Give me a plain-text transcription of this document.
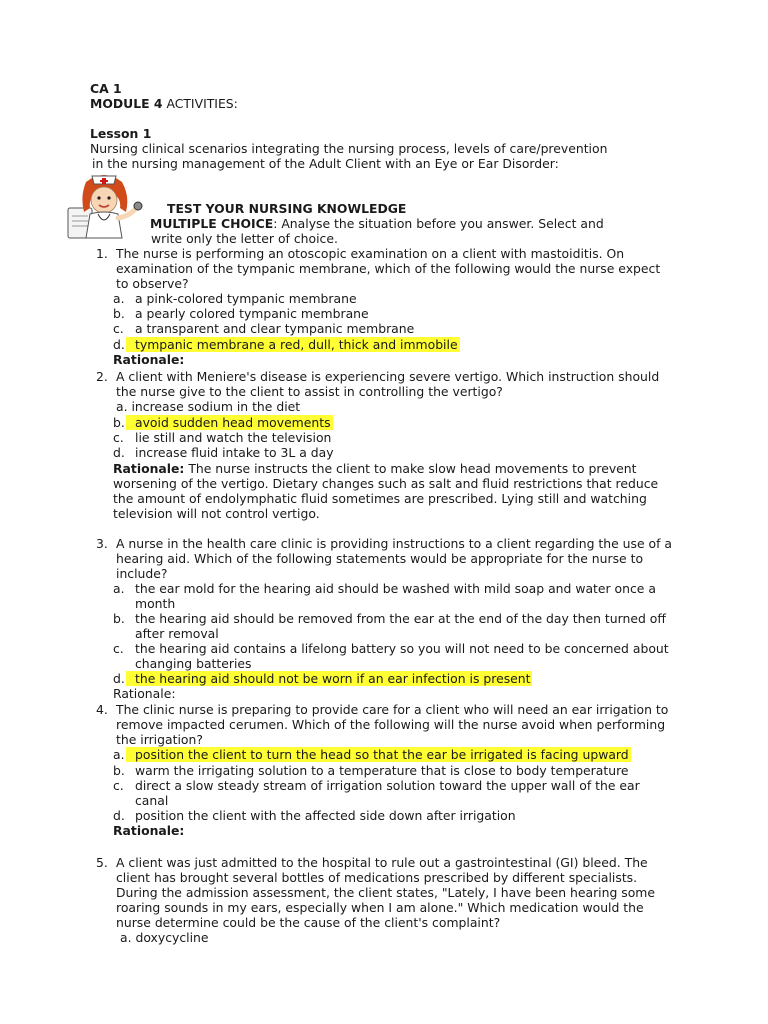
CA 1
MODULE 4 ACTIVITIES:
Lesson 1
Nursing clinical scenarios integrating the nursing process, levels of care/prevention
in the nursing management of the Adult Client with an Eye or Ear Disorder:
TEST YOUR NURSING KNOWLEDGE
MULTIPLE CHOICE: Analyse the situation before you answer. Select and
write only the letter of choice.
1. The nurse is performing an otoscopic examination on a client with mastoiditis. On
examination of the tympanic membrane, which of the following would the nurse expect
to observe?
a. a pink-colored tympanic membrane
b. a pearly colored tympanic membrane
c. a transparent and clear tympanic membrane
d. tympanic membrane a red, dull, thick and immobile
Rationale:
2. A client with Meniere's disease is experiencing severe vertigo. Which instruction should
the nurse give to the client to assist in controlling the vertigo?
a. increase sodium in the diet
b. avoid sudden head movements
c. lie still and watch the television
d. increase fluid intake to 3L a day
Rationale: The nurse instructs the client to make slow head movements to prevent
worsening of the vertigo. Dietary changes such as salt and fluid restrictions that reduce
the amount of endolymphatic fluid sometimes are prescribed. Lying still and watching
television will not control vertigo.
3. A nurse in the health care clinic is providing instructions to a client regarding the use of a
hearing aid. Which of the following statements would be appropriate for the nurse to
include?
a. the ear mold for the hearing aid should be washed with mild soap and water once a
month
b. the hearing aid should be removed from the ear at the end of the day then turned off
after removal
c. the hearing aid contains a lifelong battery so you will not need to be concerned about
changing batteries
d. the hearing aid should not be worn if an ear infection is present
Rationale:
4. The clinic nurse is preparing to provide care for a client who will need an ear irrigation to
remove impacted cerumen. Which of the following will the nurse avoid when performing
the irrigation?
a. position the client to turn the head so that the ear be irrigated is facing upward
b. warm the irrigating solution to a temperature that is close to body temperature
c. direct a slow steady stream of irrigation solution toward the upper wall of the ear
canal
d. position the client with the affected side down after irrigation
Rationale:
5. A client was just admitted to the hospital to rule out a gastrointestinal (GI) bleed. The
client has brought several bottles of medications prescribed by different specialists.
During the admission assessment, the client states, "Lately, I have been hearing some
roaring sounds in my ears, especially when I am alone." Which medication would the
nurse determine could be the cause of the client's complaint?
a. doxycycline
